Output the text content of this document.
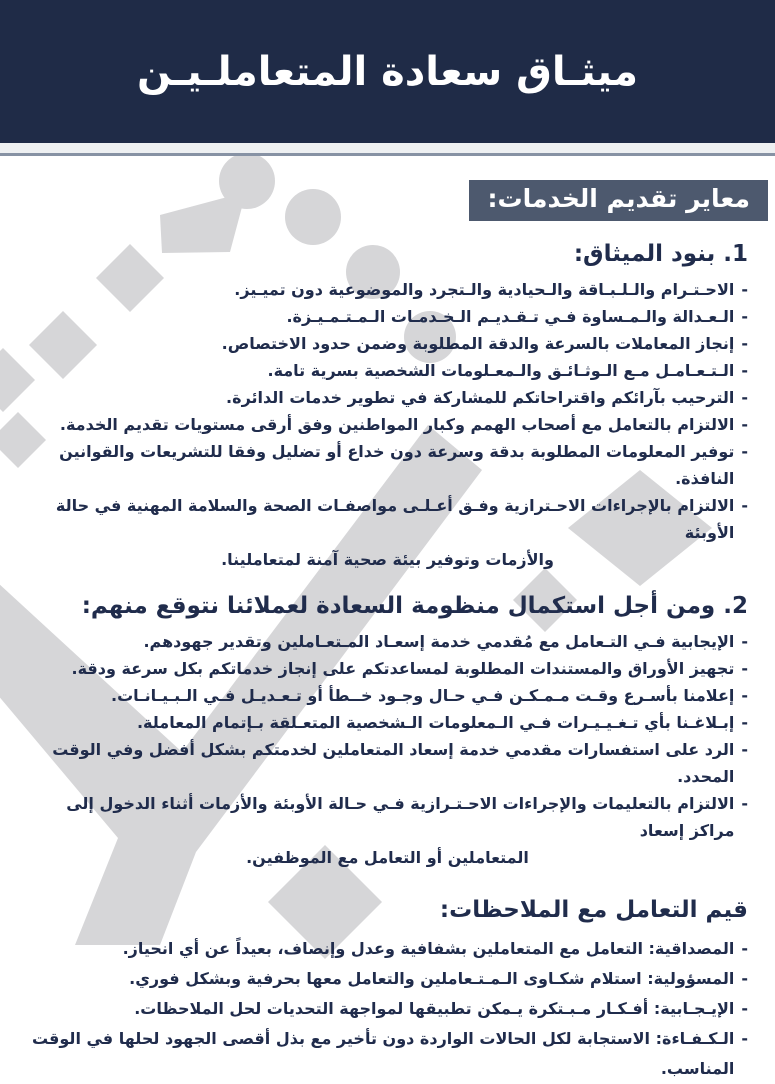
ميثـاق سعادة المتعاملـيـن
معاير تقديم الخدمات:
1. بنود الميثاق:
-
الاحـتـرام والـلـبـاقة والـحيادية والـتجرد والموضوعية دون تميـيز.
-
الـعـدالة والـمـساوة فـي تـقـديـم الـخـدمـات الـمـتـمـيـزة.
-
إنجاز المعاملات بالسرعة والدقة المطلوبة وضمن حدود الاختصاص.
-
الـتـعـامـل مـع الـوثـائـق والـمعـلومات الشخصية بسرية تامة.
-
الترحيب بآرائكم واقتراحاتكم للمشاركة في تطوير خدمات الدائرة.
-
الالتزام بالتعامل مع أصحاب الهمم وكبار المواطنين وفق أرقى مستويات تقديم الخدمة.
-
توفير المعلومات المطلوبة بدقة وسرعة دون خداع أو تضليل وفقا للتشريعات والقوانين النافذة.
-
الالتزام بالإجراءات الاحـترازية وفـق أعـلـى مواصفـات الصحة والسلامة المهنية في حالة الأوبئة
والأزمات وتوفير بيئة صحية آمنة لمتعاملينا.
2. ومن أجل استكمال منظومة السعادة لعملائنا نتوقع منهم:
-
الإيجابية فـي التـعامل مع مُقدمي خدمة إسعـاد المـتعـاملين وتقدير جهودهم.
-
تجهيز الأوراق والمستندات المطلوبة لمساعدتكم على إنجاز خدماتكم بكل سرعة ودقة.
-
إعلامنا بأسـرع وقـت مـمـكـن فـي حـال وجـود خــطأ أو تـعـديـل فـي الـبـيـانـات.
-
إبـلاغـنا بأي تـغـيـيـرات فـي الـمعلومات الـشخصية المتعـلقة بـإتمام المعاملة.
-
الرد على استفسارات مقدمي خدمة إسعاد المتعاملين لخدمتكم بشكل أفضل وفي الوقت المحدد.
-
الالتزام بالتعليمات والإجراءات الاحـتـرازية فـي حـالة الأوبئة والأزمات أثناء الدخول إلى مراكز إسعاد
المتعاملين أو التعامل مع الموظفين.
قيم التعامل مع الملاحظات:
-
المصداقية: التعامل مع المتعاملين بشفافية وعدل وإنصاف، بعيداً عن أي انحياز.
-
المسؤولية: استلام شكـاوى الـمـتـعاملين والتعامل معها بحرفية وبشكل فوري.
-
الإيـجـابية: أفـكـار مـبـتكرة يـمكن تطبيقها لمواجهة التحديات لحل الملاحظات.
-
الـكـفـاءة: الاستجابة لكل الحالات الواردة دون تأخير مع بذل أقصى الجهود لحلها في الوقت المناسب.
